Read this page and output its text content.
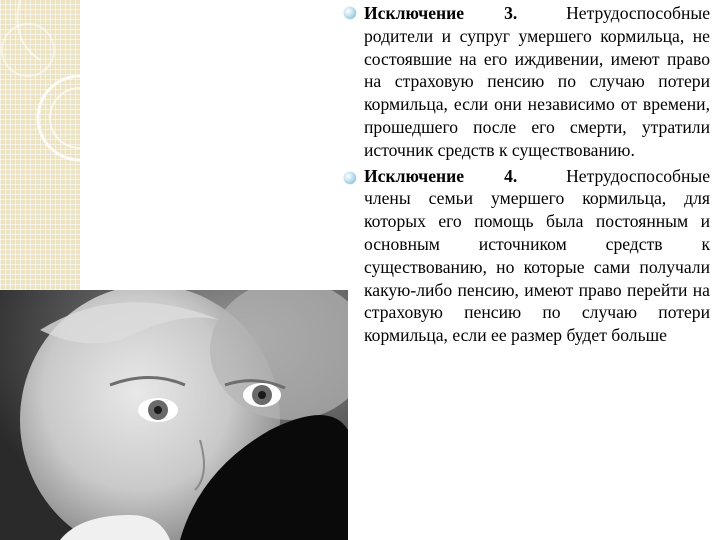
Исключение 3.	Нетрудоспособные родители и супруг умершего кормильца, не состоявшие на его иждивении, имеют право на страховую пенсию по случаю потери кормильца, если они независимо от времени, прошедшего после его смерти, утратили источник средств к существованию.

Исключение 4.	Нетрудоспособные члены семьи умершего кормильца, для которых его помощь была постоянным и основным источником средств к существованию, но которые сами получали какую-либо пенсию, имеют право перейти на страховую пенсию по случаю потери кормильца, если ее размер будет больше
